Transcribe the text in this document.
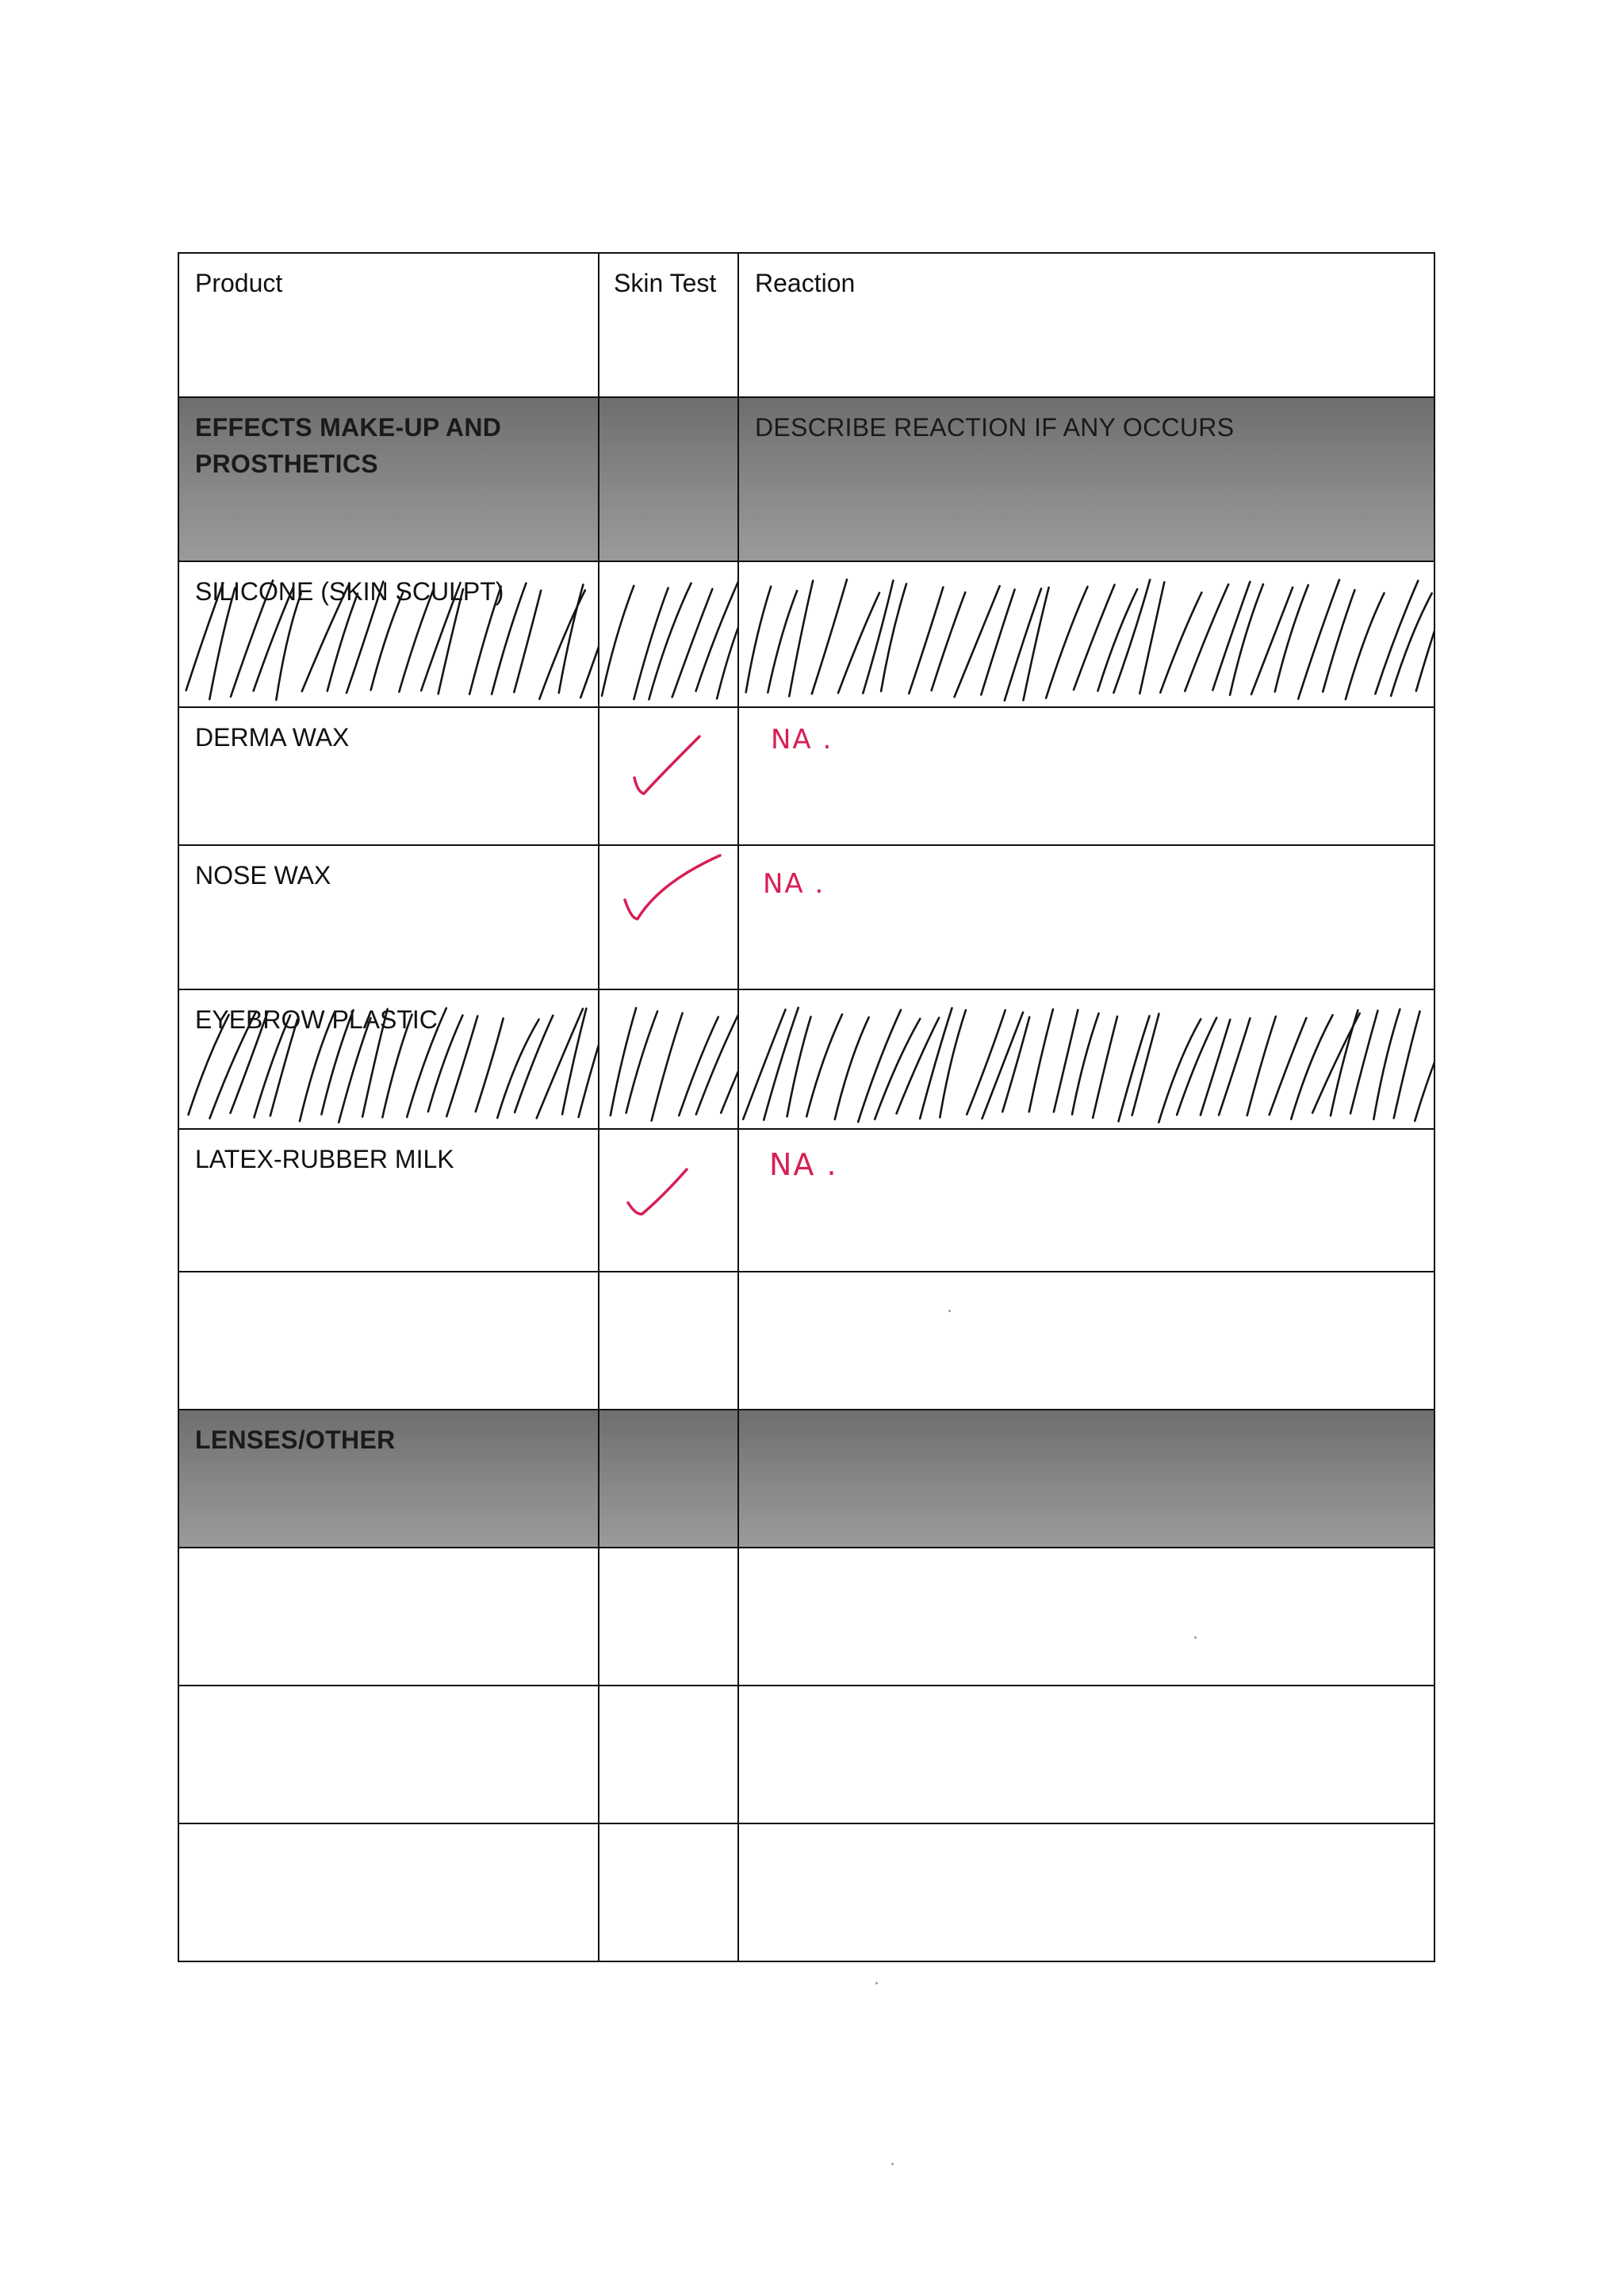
Product	Skin Test	Reaction

EFFECTS MAKE-UP AND
PROSTHETICS		DESCRIBE REACTION IF ANY OCCURS

SILICONE (SKIN SCULPT)

DERMA WAX		NA .

NOSE WAX		NA .

EYEBROW PLASTIC

LATEX-RUBBER MILK		NA .

LENSES/OTHER		
